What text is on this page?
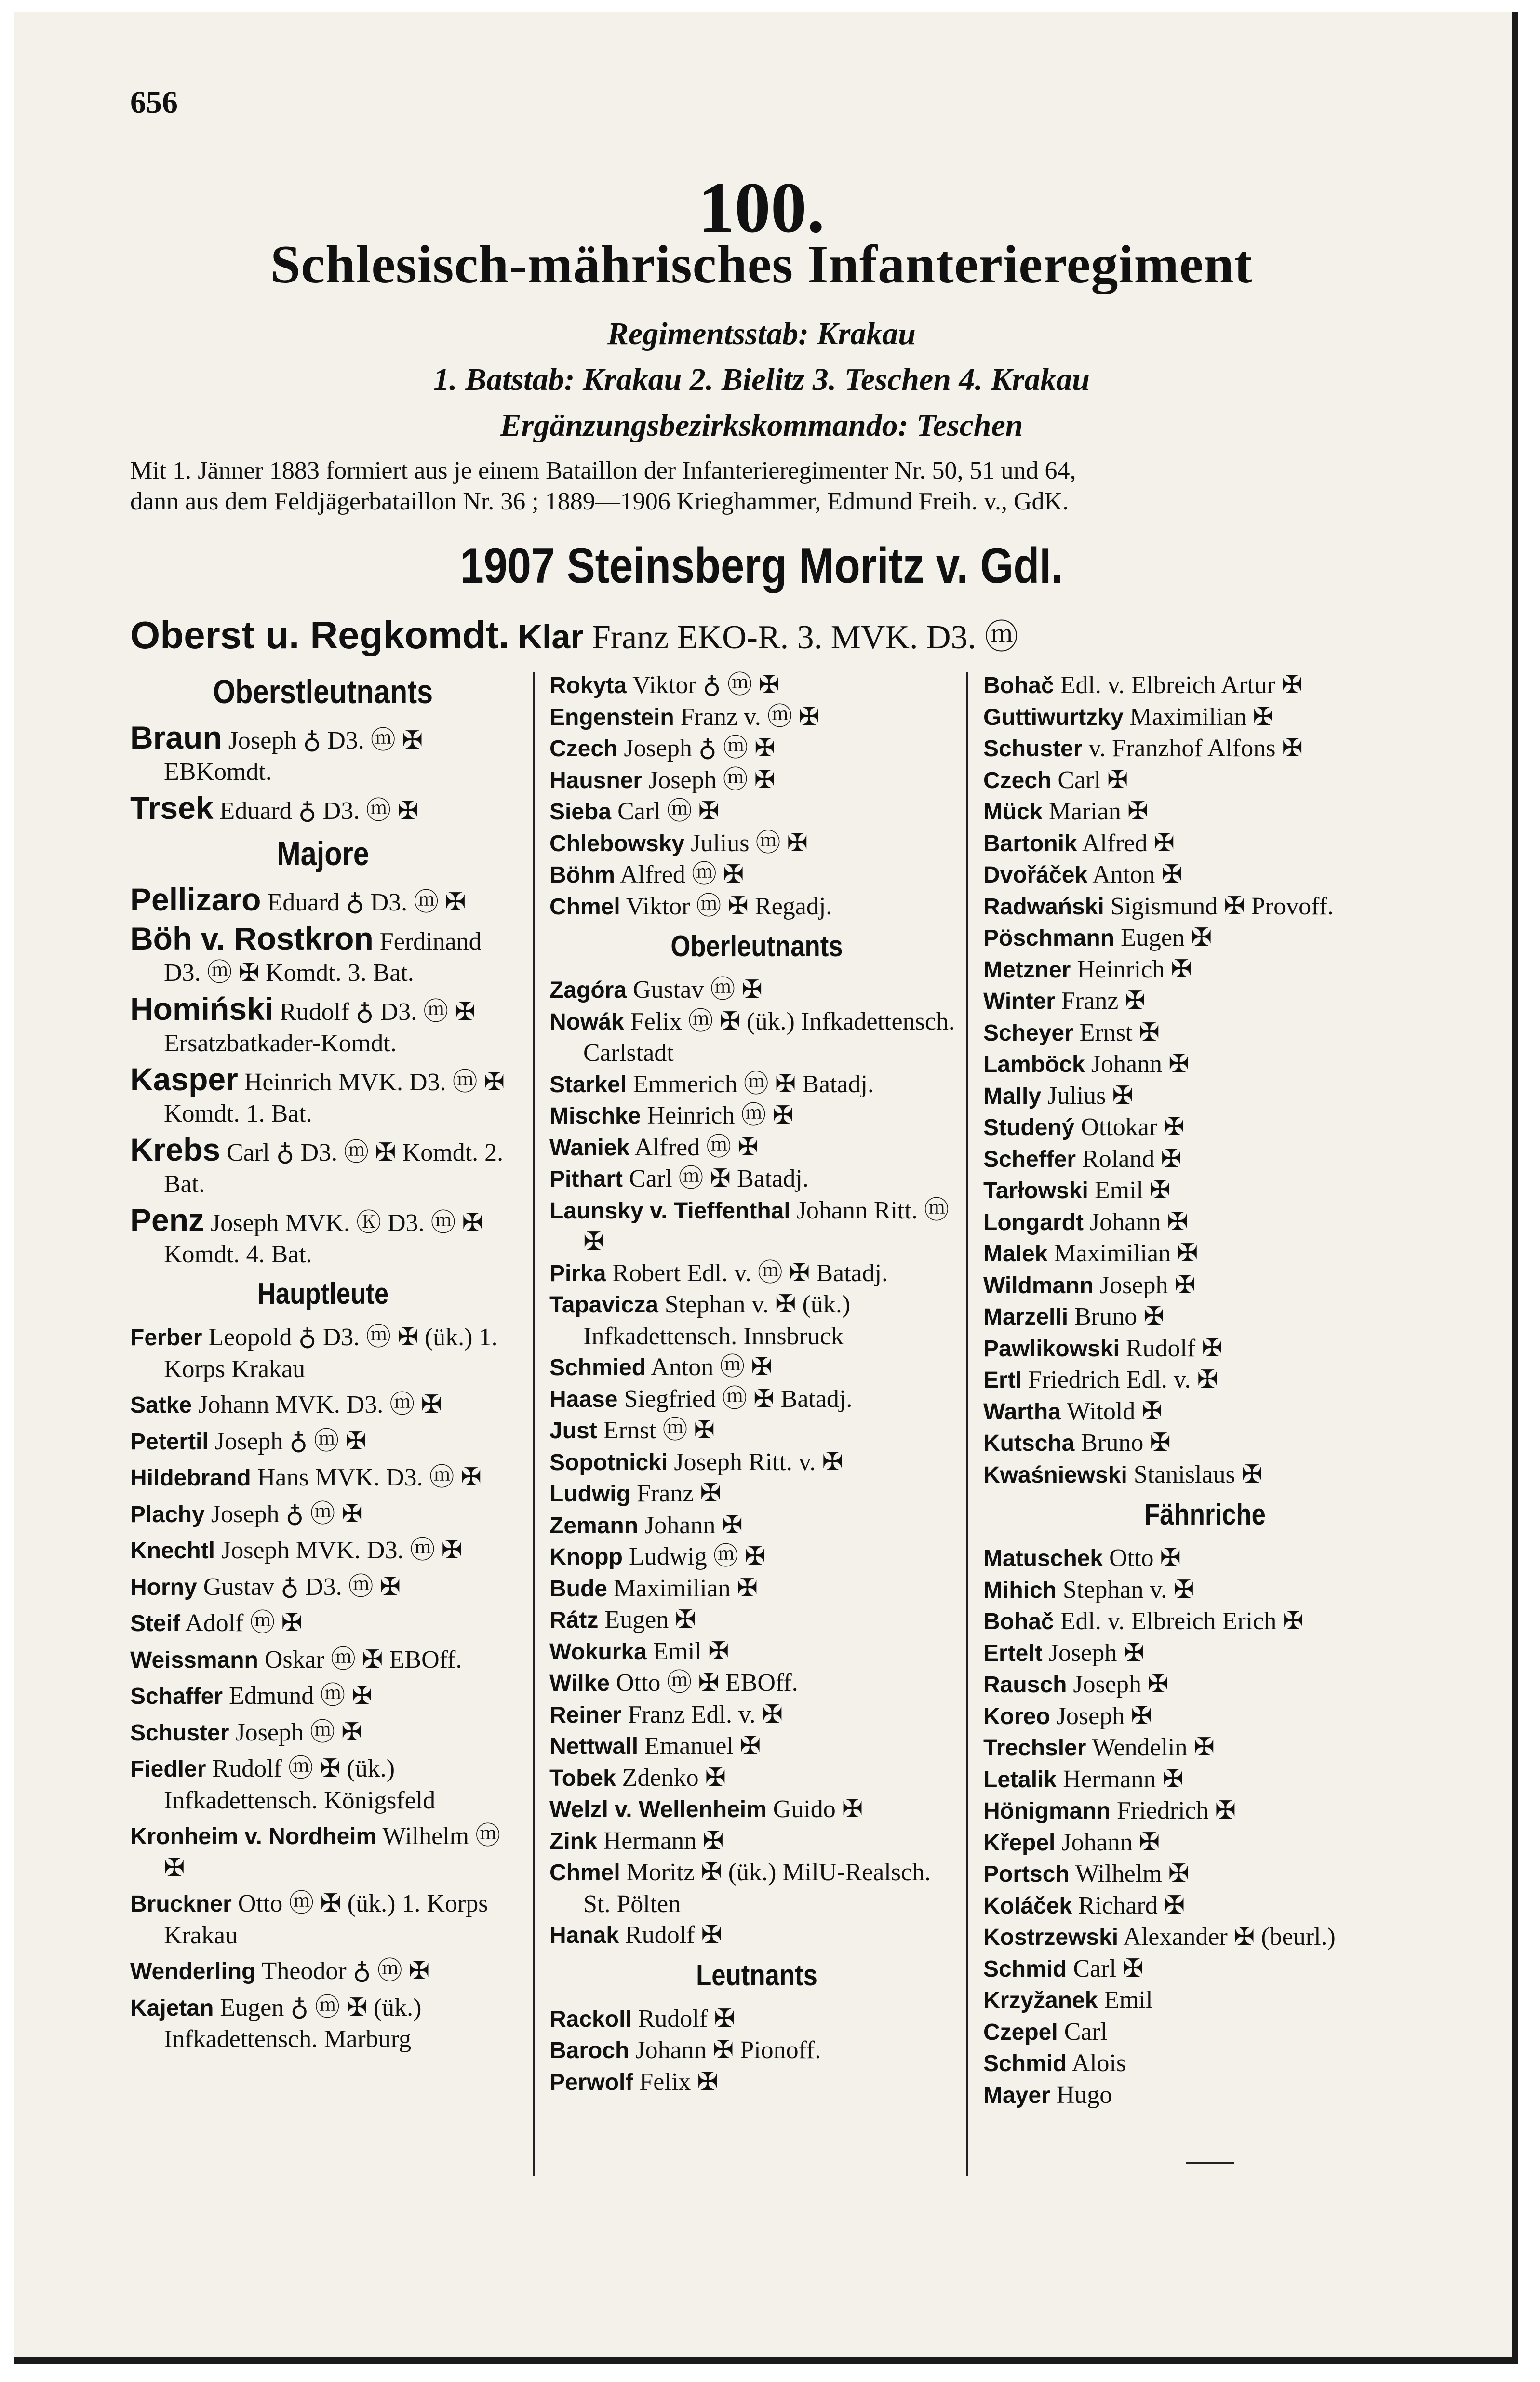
656
100.
Schlesisch-mährisches Infanterieregiment
Regimentsstab: Krakau
1. Batstab: Krakau 2. Bielitz 3. Teschen 4. Krakau
Ergänzungsbezirkskommando: Teschen
Mit 1. Jänner 1883 formiert aus je einem Bataillon der Infanterieregimenter Nr. 50, 51 und 64,
dann aus dem Feldjägerbataillon Nr. 36 ; 1889—1906 Krieghammer, Edmund Freih. v., GdK.
1907 Steinsberg Moritz v. GdI.
Oberst u. Regkomdt. Klar Franz EKO-R. 3. MVK. D3. ⓜ
Oberstleutnants
Braun Joseph ♁ D3. ⓜ ✠ EBKomdt.
Trsek Eduard ♁ D3. ⓜ ✠
Majore
Pellizaro Eduard ♁ D3. ⓜ ✠
Böh v. Rostkron Ferdinand D3. ⓜ ✠ Komdt. 3. Bat.
Homiński Rudolf ♁ D3. ⓜ ✠ Ersatzbatkader-Komdt.
Kasper Heinrich MVK. D3. ⓜ ✠ Komdt. 1. Bat.
Krebs Carl ♁ D3. ⓜ ✠ Komdt. 2. Bat.
Penz Joseph MVK. Ⓚ D3. ⓜ ✠ Komdt. 4. Bat.
Hauptleute
Ferber Leopold ♁ D3. ⓜ ✠ (ük.) 1. Korps Krakau
Satke Johann MVK. D3. ⓜ ✠
Petertil Joseph ♁ ⓜ ✠
Hildebrand Hans MVK. D3. ⓜ ✠
Plachy Joseph ♁ ⓜ ✠
Knechtl Joseph MVK. D3. ⓜ ✠
Horny Gustav ♁ D3. ⓜ ✠
Steif Adolf ⓜ ✠
Weissmann Oskar ⓜ ✠ EBOff.
Schaffer Edmund ⓜ ✠
Schuster Joseph ⓜ ✠
Fiedler Rudolf ⓜ ✠ (ük.) Infkadettensch. Königsfeld
Kronheim v. Nordheim Wilhelm ⓜ ✠
Bruckner Otto ⓜ ✠ (ük.) 1. Korps Krakau
Wenderling Theodor ♁ ⓜ ✠
Kajetan Eugen ♁ ⓜ ✠ (ük.) Infkadettensch. Marburg
Rokyta Viktor ♁ ⓜ ✠
Engenstein Franz v. ⓜ ✠
Czech Joseph ♁ ⓜ ✠
Hausner Joseph ⓜ ✠
Sieba Carl ⓜ ✠
Chlebowsky Julius ⓜ ✠
Böhm Alfred ⓜ ✠
Chmel Viktor ⓜ ✠ Regadj.
Oberleutnants
Zagóra Gustav ⓜ ✠
Nowák Felix ⓜ ✠ (ük.) Infkadettensch. Carlstadt
Starkel Emmerich ⓜ ✠ Batadj.
Mischke Heinrich ⓜ ✠
Waniek Alfred ⓜ ✠
Pithart Carl ⓜ ✠ Batadj.
Launsky v. Tieffenthal Johann Ritt. ⓜ ✠
Pirka Robert Edl. v. ⓜ ✠ Batadj.
Tapavicza Stephan v. ✠ (ük.) Infkadettensch. Innsbruck
Schmied Anton ⓜ ✠
Haase Siegfried ⓜ ✠ Batadj.
Just Ernst ⓜ ✠
Sopotnicki Joseph Ritt. v. ✠
Ludwig Franz ✠
Zemann Johann ✠
Knopp Ludwig ⓜ ✠
Bude Maximilian ✠
Rátz Eugen ✠
Wokurka Emil ✠
Wilke Otto ⓜ ✠ EBOff.
Reiner Franz Edl. v. ✠
Nettwall Emanuel ✠
Tobek Zdenko ✠
Welzl v. Wellenheim Guido ✠
Zink Hermann ✠
Chmel Moritz ✠ (ük.) MilU-Realsch. St. Pölten
Hanak Rudolf ✠
Leutnants
Rackoll Rudolf ✠
Baroch Johann ✠ Pionoff.
Perwolf Felix ✠
Bohač Edl. v. Elbreich Artur ✠
Guttiwurtzky Maximilian ✠
Schuster v. Franzhof Alfons ✠
Czech Carl ✠
Mück Marian ✠
Bartonik Alfred ✠
Dvořáček Anton ✠
Radwański Sigismund ✠ Provoff.
Pöschmann Eugen ✠
Metzner Heinrich ✠
Winter Franz ✠
Scheyer Ernst ✠
Lamböck Johann ✠
Mally Julius ✠
Studený Ottokar ✠
Scheffer Roland ✠
Tarłowski Emil ✠
Longardt Johann ✠
Malek Maximilian ✠
Wildmann Joseph ✠
Marzelli Bruno ✠
Pawlikowski Rudolf ✠
Ertl Friedrich Edl. v. ✠
Wartha Witold ✠
Kutscha Bruno ✠
Kwaśniewski Stanislaus ✠
Fähnriche
Matuschek Otto ✠
Mihich Stephan v. ✠
Bohač Edl. v. Elbreich Erich ✠
Ertelt Joseph ✠
Rausch Joseph ✠
Koreo Joseph ✠
Trechsler Wendelin ✠
Letalik Hermann ✠
Hönigmann Friedrich ✠
Křepel Johann ✠
Portsch Wilhelm ✠
Koláček Richard ✠
Kostrzewski Alexander ✠ (beurl.)
Schmid Carl ✠
Krzyžanek Emil
Czepel Carl
Schmid Alois
Mayer Hugo
